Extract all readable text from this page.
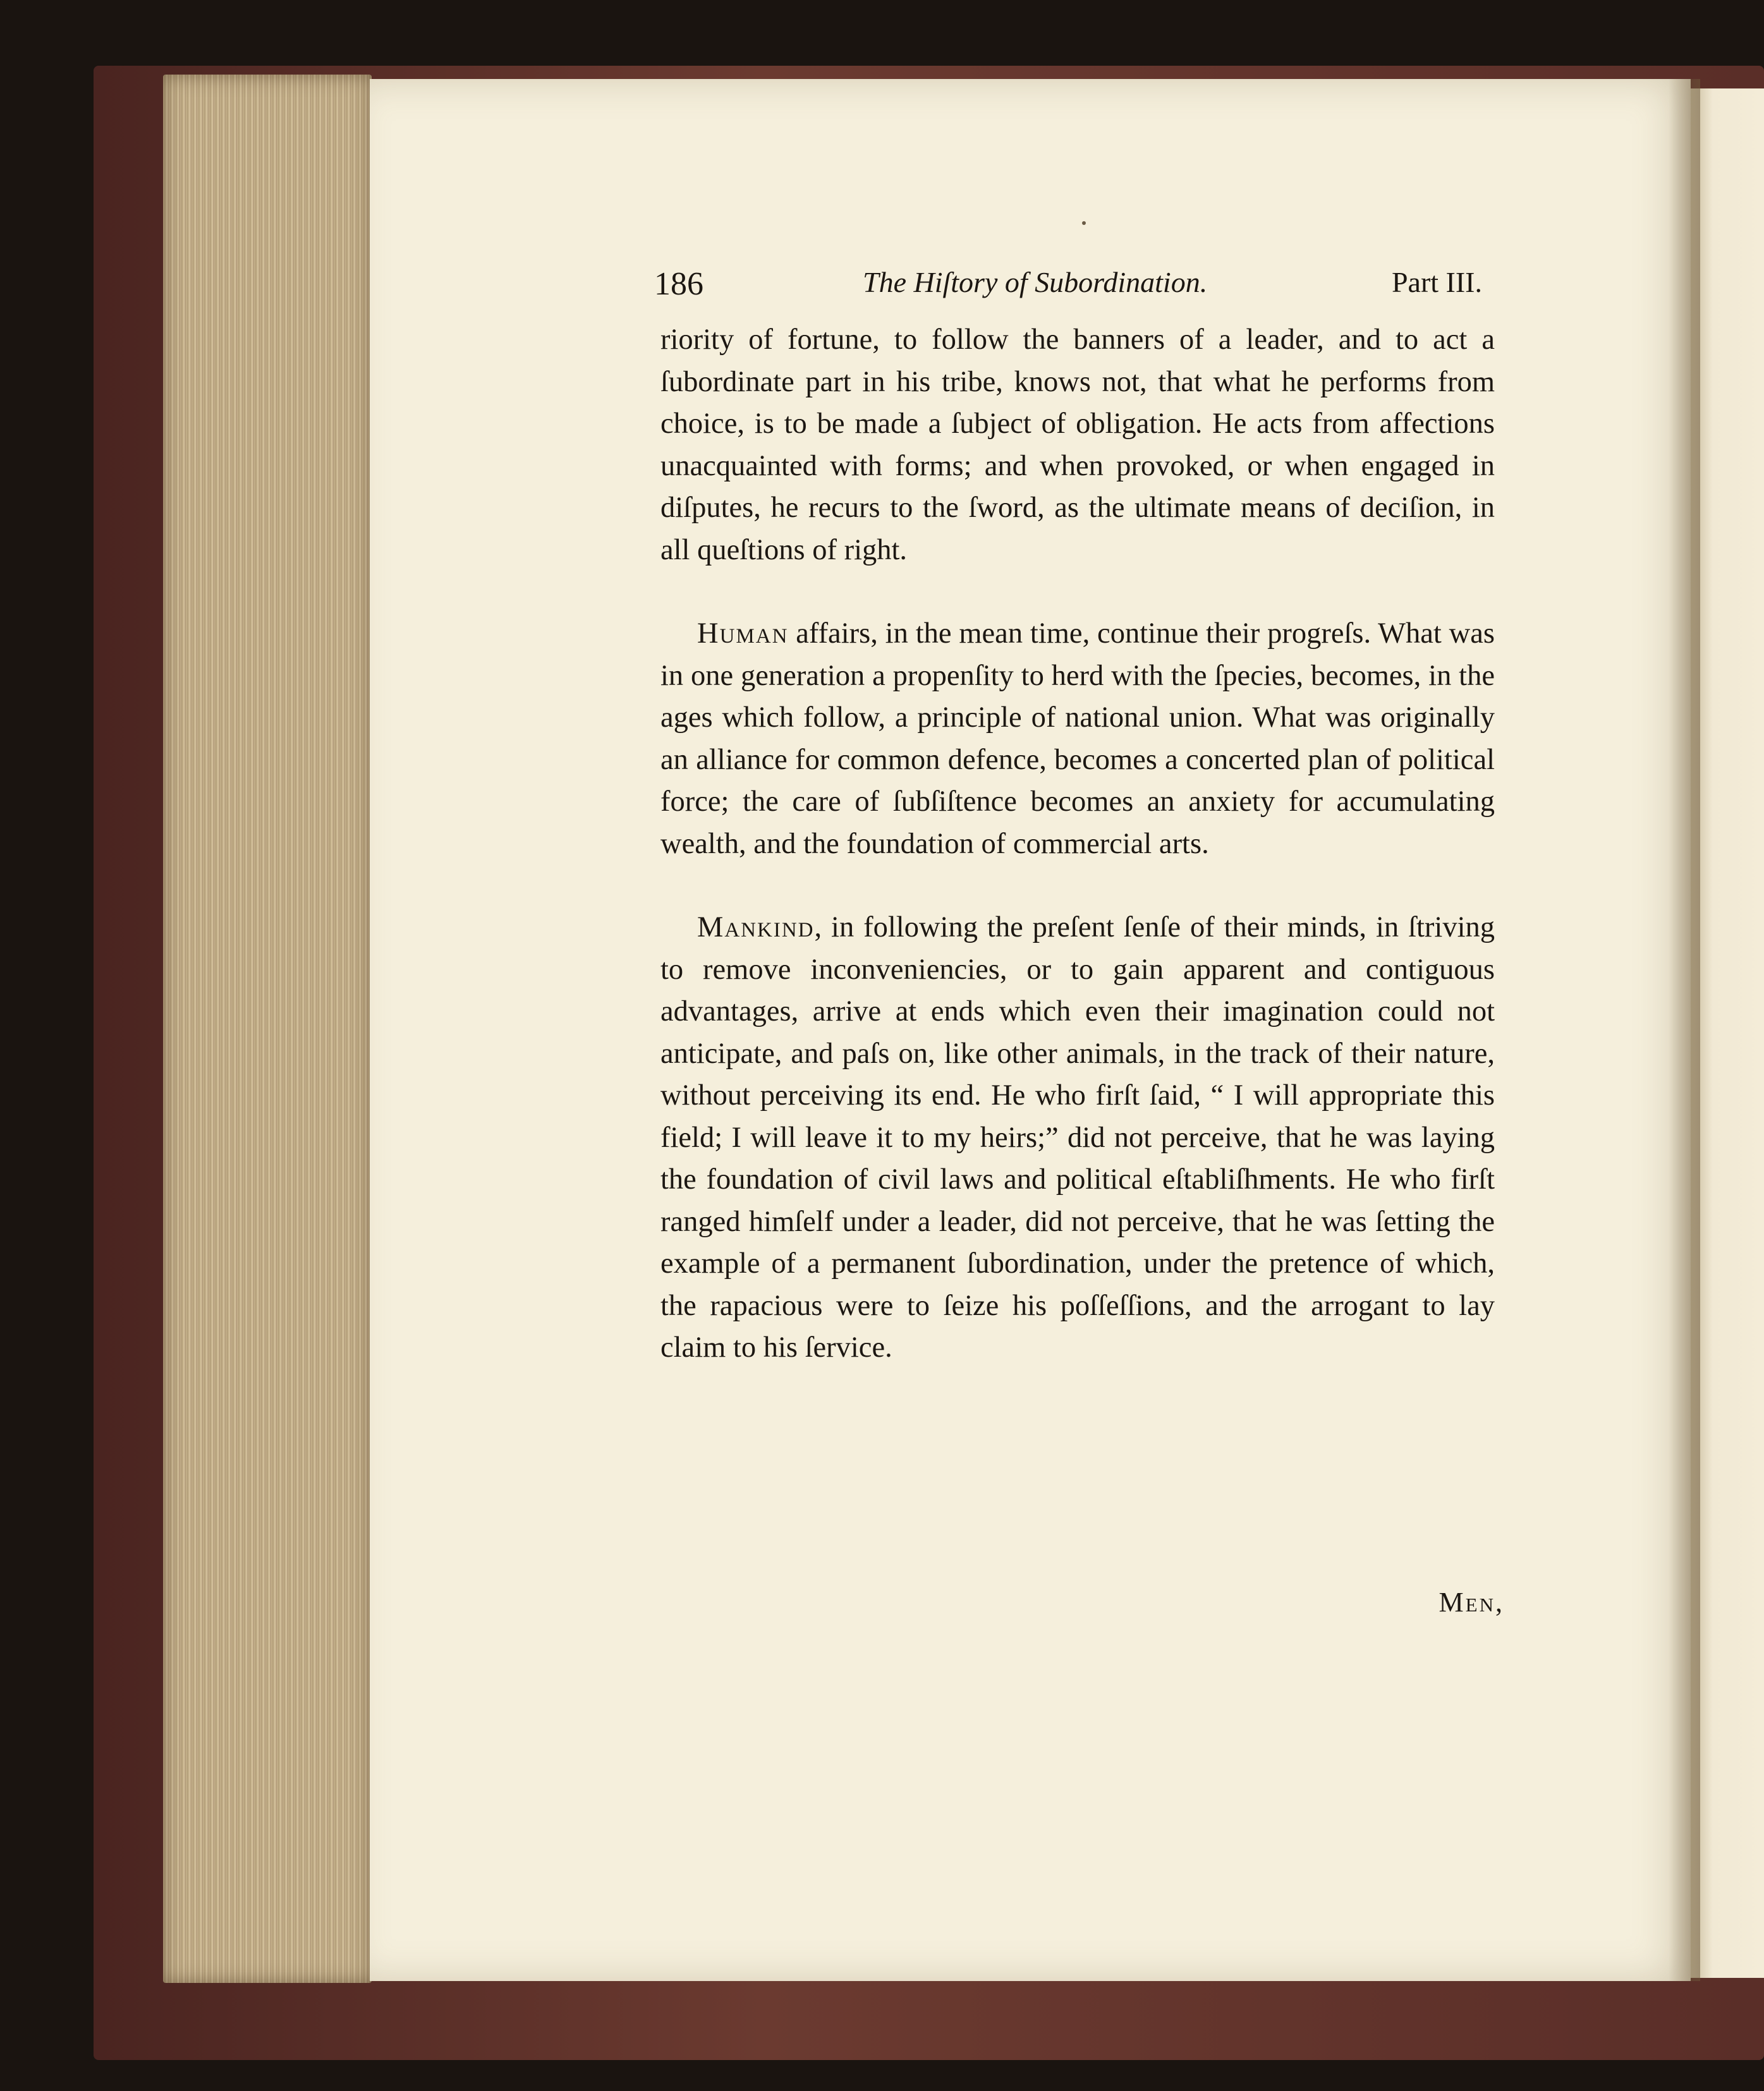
186	The Hiſtory of Subordination.	Part III.

riority of fortune, to follow the banners of a leader, and to act a ſubordinate part in his tribe, knows not, that what he performs from choice, is to be made a ſubject of obligation. He acts from affections unacquainted with forms; and when provoked, or when engaged in diſputes, he recurs to the ſword, as the ultimate means of deciſion, in all queſtions of right.

Human affairs, in the mean time, continue their progreſs. What was in one generation a propenſity to herd with the ſpecies, becomes, in the ages which follow, a principle of national union. What was originally an alliance for common defence, becomes a concerted plan of political force; the care of ſubſiſtence becomes an anxiety for accumulating wealth, and the foundation of commercial arts.

Mankind, in following the preſent ſenſe of their minds, in ſtriving to remove inconveniencies, or to gain apparent and contiguous advantages, arrive at ends which even their imagination could not anticipate, and paſs on, like other animals, in the track of their nature, without perceiving its end. He who firſt ſaid, “ I will appropriate this field; I will leave it to my heirs;” did not perceive, that he was laying the foundation of civil laws and political eſtabliſhments. He who firſt ranged himſelf under a leader, did not perceive, that he was ſetting the example of a permanent ſubordination, under the pretence of which, the rapacious were to ſeize his poſſeſſions, and the arrogant to lay claim to his ſervice.

Men,
